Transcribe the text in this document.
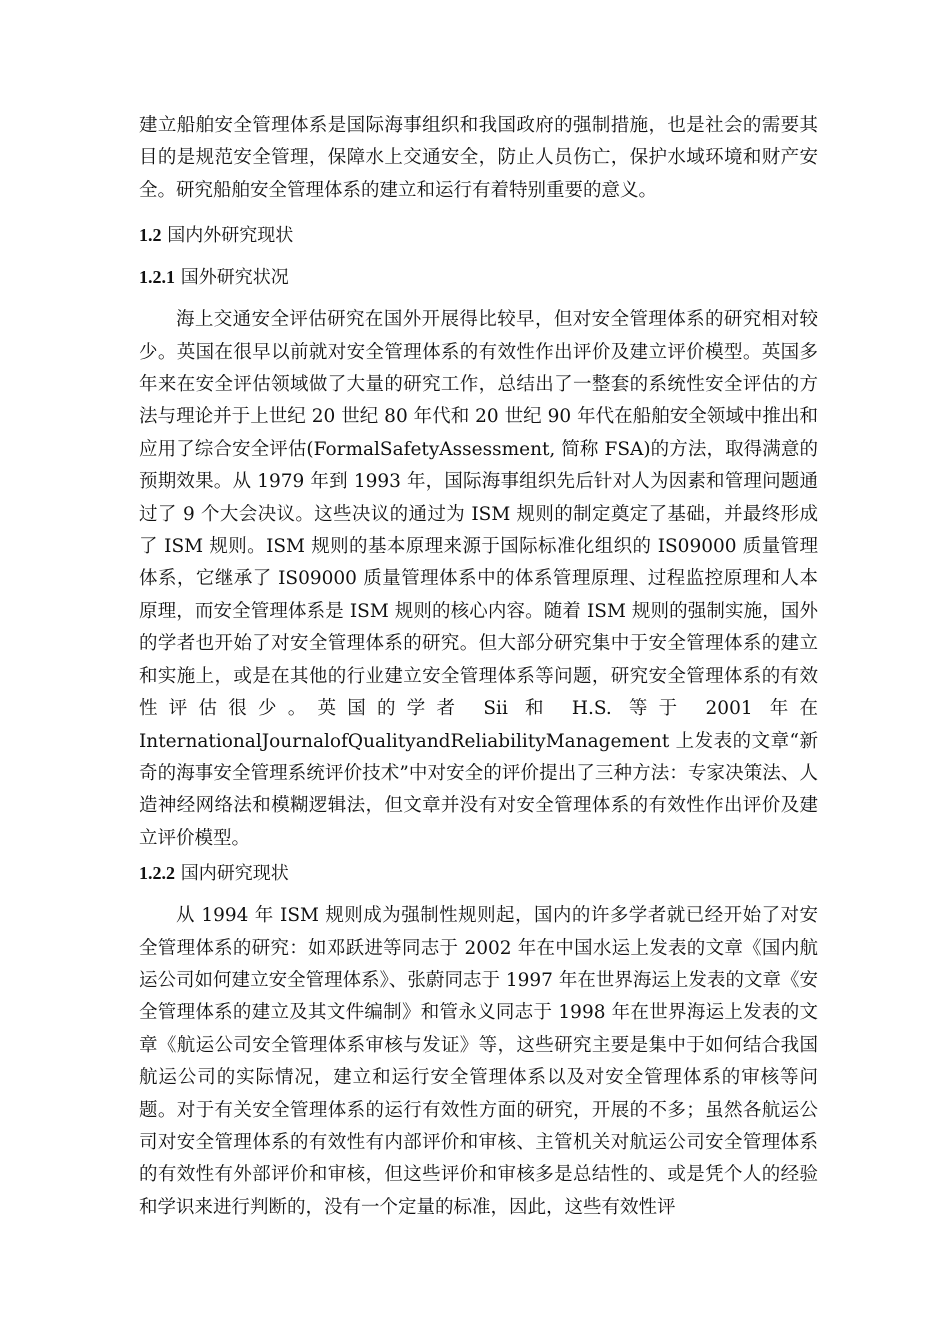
建立船舶安全管理体系是国际海事组织和我国政府的强制措施，也是社会的需要其目的是规范安全管理，保障水上交通安全，防止人员伤亡，保护水域环境和财产安全。研究船舶安全管理体系的建立和运行有着特别重要的意义。

1.2 国内外研究现状

1.2.1 国外研究状况

海上交通安全评估研究在国外开展得比较早，但对安全管理体系的研究相对较少。英国在很早以前就对安全管理体系的有效性作出评价及建立评价模型。英国多年来在安全评估领域做了大量的研究工作，总结出了一整套的系统性安全评估的方法与理论并于上世纪 20 世纪 80 年代和 20 世纪 90 年代在船舶安全领域中推出和应用了综合安全评估(FormalSafetyAssessment, 简称 FSA)的方法，取得满意的预期效果。从 1979 年到 1993 年，国际海事组织先后针对人为因素和管理问题通过了 9 个大会决议。这些决议的通过为 ISM 规则的制定奠定了基础，并最终形成了 ISM 规则。ISM 规则的基本原理来源于国际标准化组织的 IS09000 质量管理体系，它继承了 IS09000 质量管理体系中的体系管理原理、过程监控原理和人本原理，而安全管理体系是 ISM 规则的核心内容。随着 ISM 规则的强制实施，国外的学者也开始了对安全管理体系的研究。但大部分研究集中于安全管理体系的建立和实施上，或是在其他的行业建立安全管理体系等问题，研究安全管理体系的有效性评估很少。英国的学者 Sii 和 H.S. 等于 2001 年在 InternationalJournalofQualityandReliabilityManagement 上发表的文章“新奇的海事安全管理系统评价技术”中对安全的评价提出了三种方法：专家决策法、人造神经网络法和模糊逻辑法，但文章并没有对安全管理体系的有效性作出评价及建立评价模型。

1.2.2 国内研究现状

从 1994 年 ISM 规则成为强制性规则起，国内的许多学者就已经开始了对安全管理体系的研究：如邓跃进等同志于 2002 年在中国水运上发表的文章《国内航运公司如何建立安全管理体系》、张蔚同志于 1997 年在世界海运上发表的文章《安全管理体系的建立及其文件编制》和管永义同志于 1998 年在世界海运上发表的文章《航运公司安全管理体系审核与发证》等，这些研究主要是集中于如何结合我国航运公司的实际情况，建立和运行安全管理体系以及对安全管理体系的审核等问题。对于有关安全管理体系的运行有效性方面的研究，开展的不多；虽然各航运公司对安全管理体系的有效性有内部评价和审核、主管机关对航运公司安全管理体系的有效性有外部评价和审核，但这些评价和审核多是总结性的、或是凭个人的经验和学识来进行判断的，没有一个定量的标准，因此，这些有效性评
